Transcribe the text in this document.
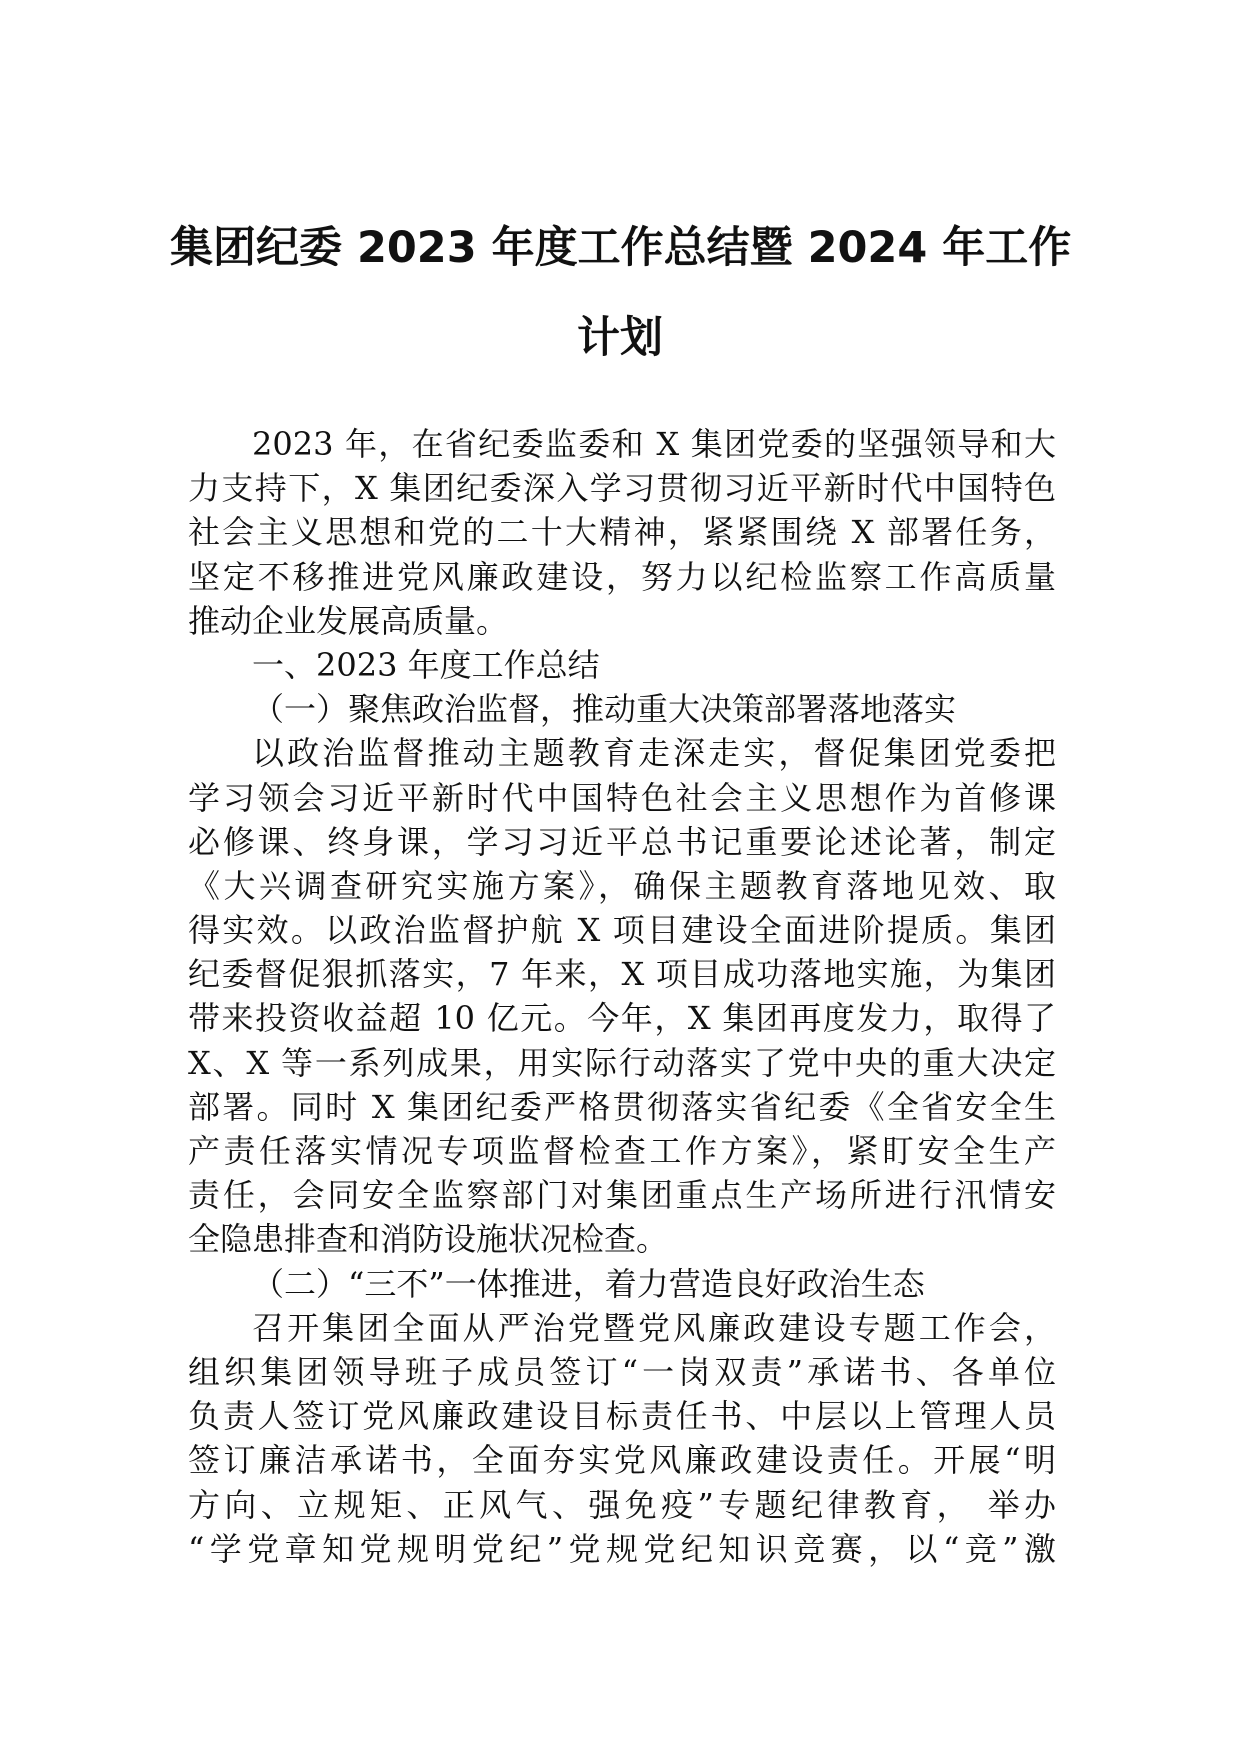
集团纪委 2023 年度工作总结暨 2024 年工作
计划
2023 年，在省纪委监委和 X 集团党委的坚强领导和大
力支持下，X 集团纪委深入学习贯彻习近平新时代中国特色
社会主义思想和党的二十大精神，紧紧围绕 X 部署任务，
坚定不移推进党风廉政建设，努力以纪检监察工作高质量
推动企业发展高质量。
一、2023 年度工作总结
（一）聚焦政治监督，推动重大决策部署落地落实
以政治监督推动主题教育走深走实，督促集团党委把
学习领会习近平新时代中国特色社会主义思想作为首修课
必修课、终身课，学习习近平总书记重要论述论著，制定
《大兴调查研究实施方案》，确保主题教育落地见效、取
得实效。以政治监督护航 X 项目建设全面进阶提质。集团
纪委督促狠抓落实，7 年来，X 项目成功落地实施，为集团
带来投资收益超 10 亿元。今年，X 集团再度发力，取得了
X、X 等一系列成果，用实际行动落实了党中央的重大决定
部署。同时 X 集团纪委严格贯彻落实省纪委《全省安全生
产责任落实情况专项监督检查工作方案》，紧盯安全生产
责任，会同安全监察部门对集团重点生产场所进行汛情安
全隐患排查和消防设施状况检查。
（二）“三不”一体推进，着力营造良好政治生态
召开集团全面从严治党暨党风廉政建设专题工作会，
组织集团领导班子成员签订“一岗双责”承诺书、各单位
负责人签订党风廉政建设目标责任书、中层以上管理人员
签订廉洁承诺书，全面夯实党风廉政建设责任。开展“明
方向、立规矩、正风气、强免疫”专题纪律教育， 举办
“学党章知党规明党纪”党规党纪知识竞赛，以“竞”激
